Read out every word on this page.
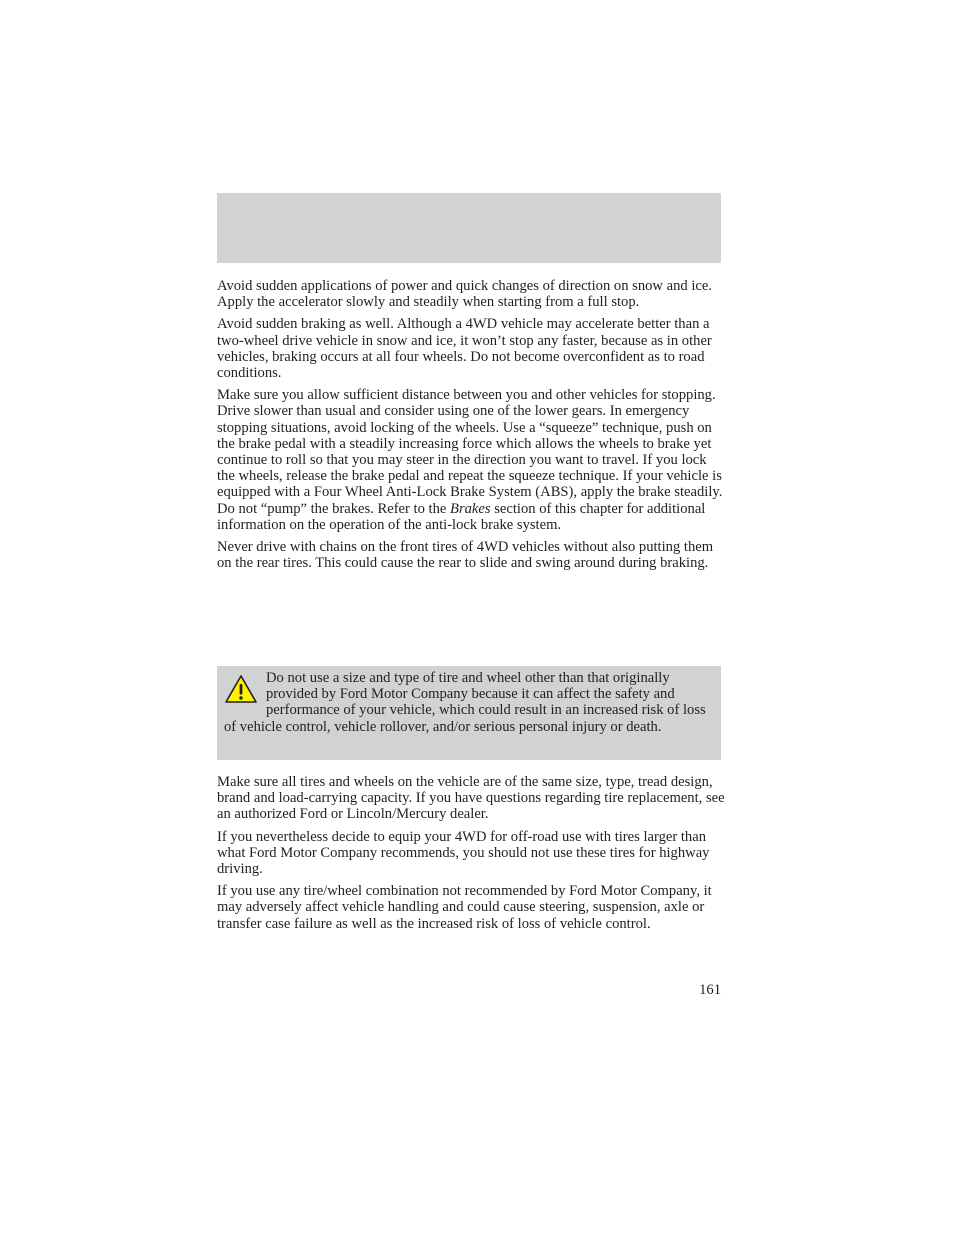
Avoid sudden applications of power and quick changes of direction on snow and ice. Apply the accelerator slowly and steadily when starting from a full stop.

Avoid sudden braking as well. Although a 4WD vehicle may accelerate better than a two-wheel drive vehicle in snow and ice, it won’t stop any faster, because as in other vehicles, braking occurs at all four wheels. Do not become overconfident as to road conditions.

Make sure you allow sufficient distance between you and other vehicles for stopping. Drive slower than usual and consider using one of the lower gears. In emergency stopping situations, avoid locking of the wheels. Use a “squeeze” technique, push on the brake pedal with a steadily increasing force which allows the wheels to brake yet continue to roll so that you may steer in the direction you want to travel. If you lock the wheels, release the brake pedal and repeat the squeeze technique. If your vehicle is equipped with a Four Wheel Anti-Lock Brake System (ABS), apply the brake steadily. Do not “pump” the brakes. Refer to the Brakes section of this chapter for additional information on the operation of the anti-lock brake system.

Never drive with chains on the front tires of 4WD vehicles without also putting them on the rear tires. This could cause the rear to slide and swing around during braking.

Do not use a size and type of tire and wheel other than that originally provided by Ford Motor Company because it can affect the safety and performance of your vehicle, which could result in an increased risk of loss of vehicle control, vehicle rollover, and/or serious personal injury or death.

Make sure all tires and wheels on the vehicle are of the same size, type, tread design, brand and load-carrying capacity. If you have questions regarding tire replacement, see an authorized Ford or Lincoln/Mercury dealer.

If you nevertheless decide to equip your 4WD for off-road use with tires larger than what Ford Motor Company recommends, you should not use these tires for highway driving.

If you use any tire/wheel combination not recommended by Ford Motor Company, it may adversely affect vehicle handling and could cause steering, suspension, axle or transfer case failure as well as the increased risk of loss of vehicle control.

161
